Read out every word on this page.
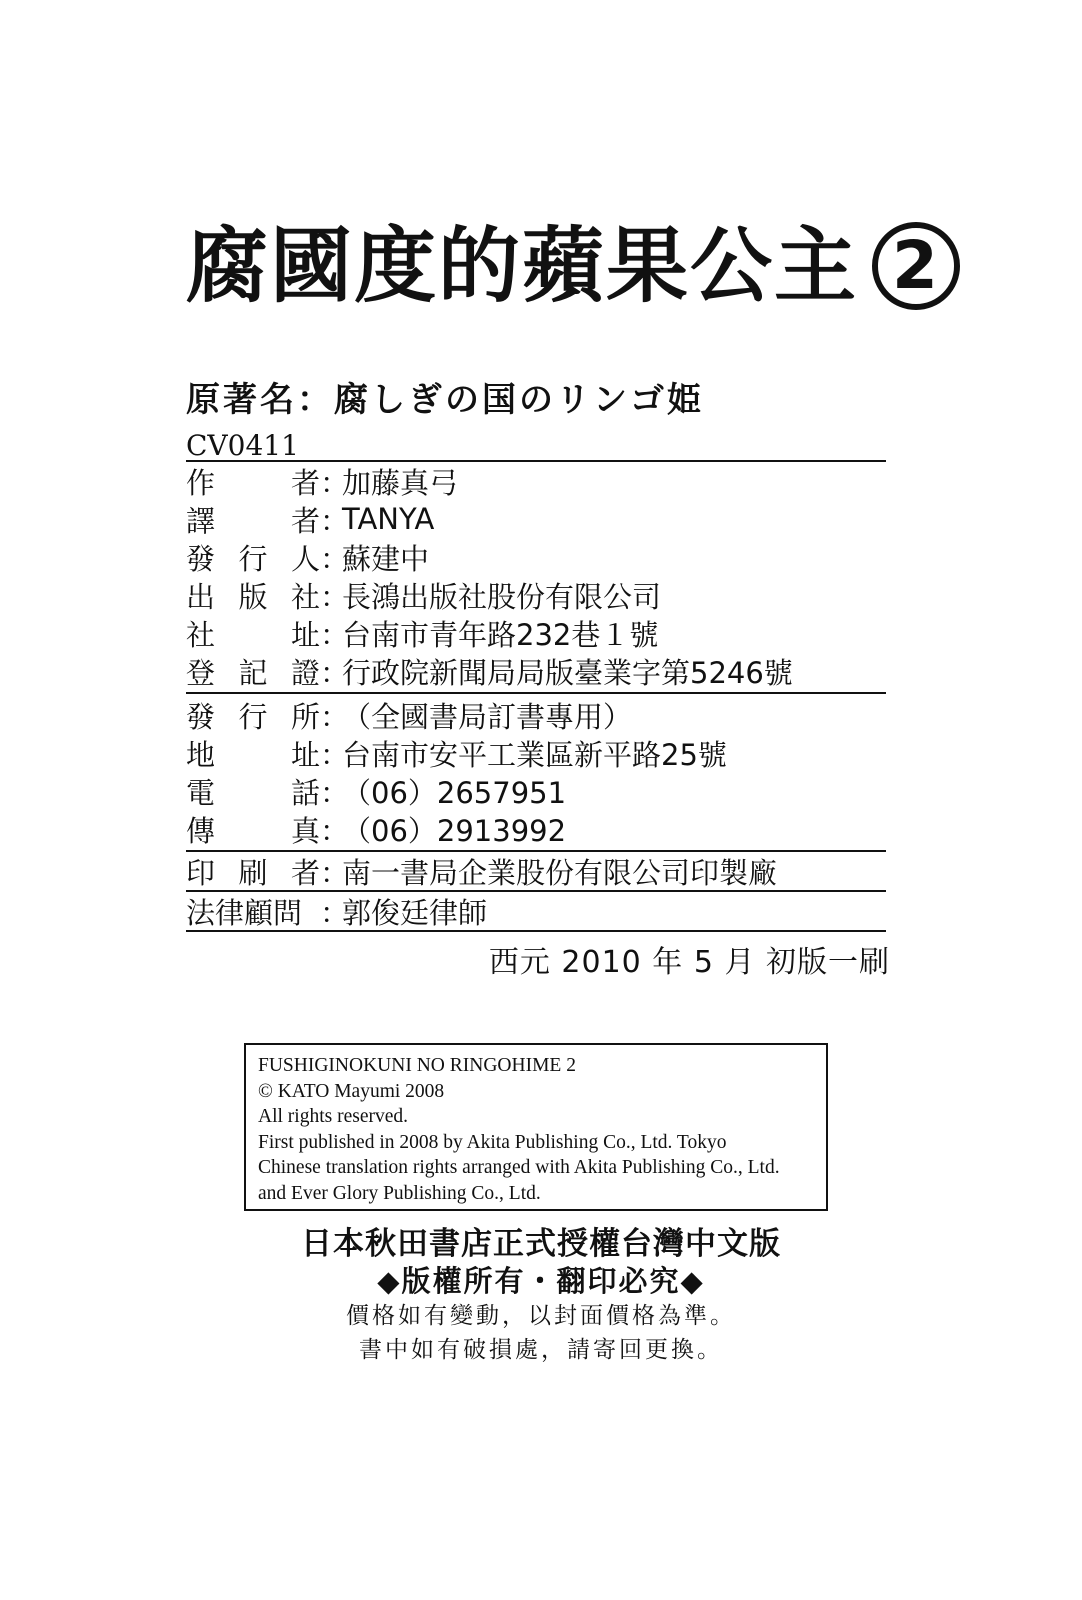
腐國度的蘋果公主 2
原著名：腐しぎの国のリンゴ姫
CV0411
作	者 ：
加藤真弓
譯	者 ：
TANYA
發 行 人 ：
蘇建中
出 版 社 ：
長鴻出版社股份有限公司
社	址 ：
台南市青年路232巷１號
登 記 證 ：
行政院新聞局局版臺業字第5246號
發 行 所 ：
（全國書局訂書專用）
地	址 ：
台南市安平工業區新平路25號
電	話 ：
（06）2657951
傳	真 ：
（06）2913992
印 刷 者 ：
南一書局企業股份有限公司印製廠
法 律 顧 問 ：
郭俊廷律師
西元 2010 年 5 月 初版一刷
FUSHIGINOKUNI NO RINGOHIME 2
© KATO Mayumi 2008
All rights reserved.
First published in 2008 by Akita Publishing Co., Ltd. Tokyo
Chinese translation rights arranged with Akita Publishing Co., Ltd.
and Ever Glory Publishing Co., Ltd.
日本秋田書店正式授權台灣中文版
◆版權所有・翻印必究◆
價格如有變動，以封面價格為準。
書中如有破損處，請寄回更換。
